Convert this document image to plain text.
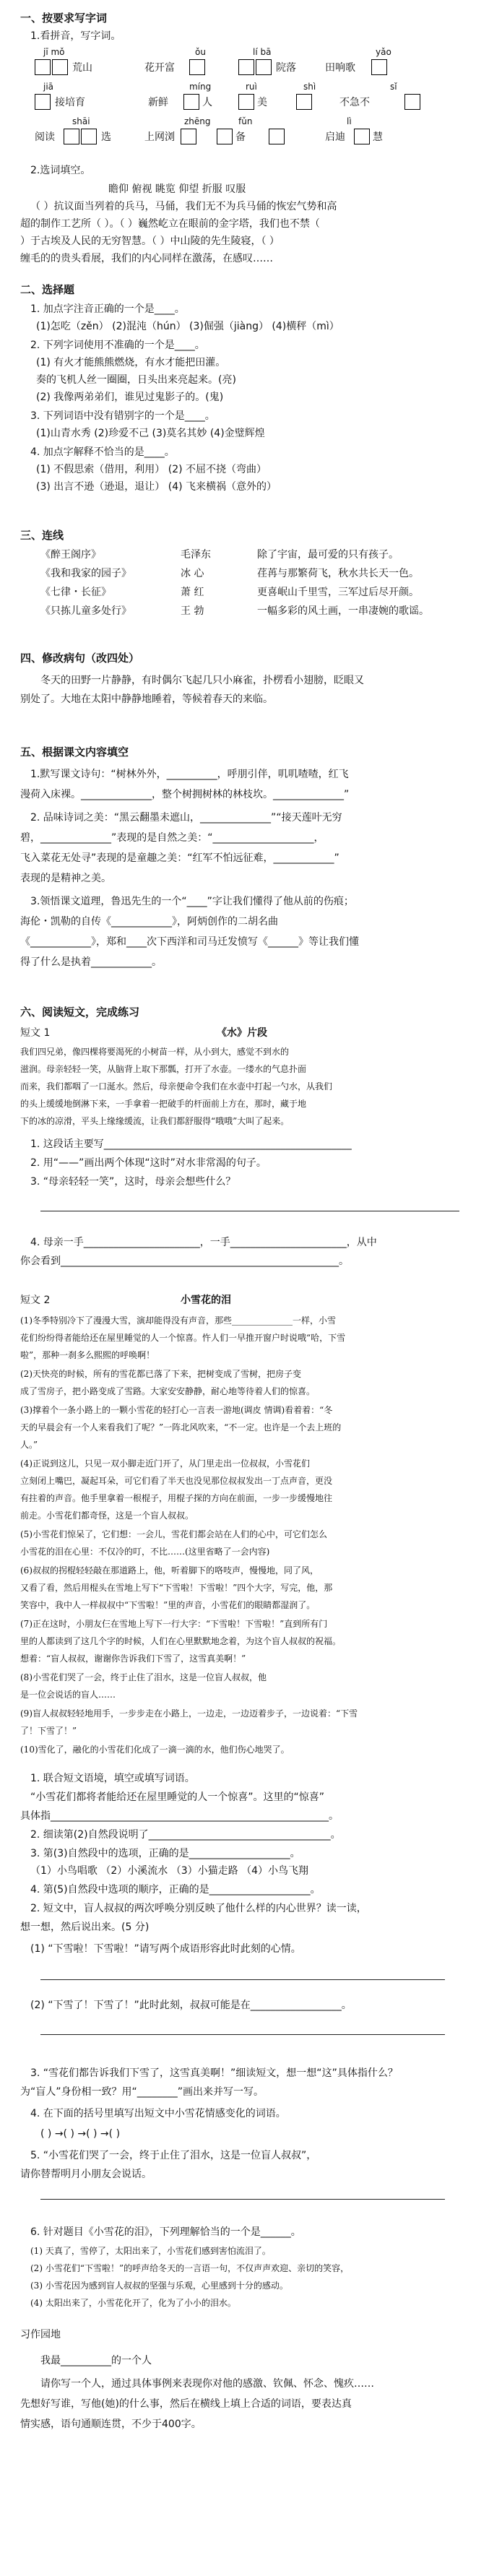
一、按要求写字词
1.看拼音，写字词。
jī mǒ	ǒu	lí bā	yǎo
荒山	花开富	院落	田响歌
jiā	míng	ruì	shì	sǐ
接培育	新鲜	人	美	不急不
shāi	zhēng	fǔn	lì
阅读	选	上网浏	备	启迪	慧
2.选词填空。
瞻仰 俯视 眺览 仰望 折服 叹服
（ ）抗议面当列着的兵马，马俑，我们无不为兵马俑的恢宏气势和高
超的制作工艺所（ ）。（ ）巍然屹立在眼前的金字塔，我们也不禁（
）于古埃及人民的无穷智慧。（ ）中山陵的先生陵寝，（ ）
缠毛的的贵头看展，我们的内心同样在激荡，在感叹……
二、选择题
1. 加点字注音正确的一个是____。
(1)怎吃（zěn） (2)混沌（hún） (3)倔强（jiàng） (4)横秤（mì）
2. 下列字词使用不准确的一个是____。
(1) 有火才能熊熊燃烧，有水才能把田灌。
奏的飞机人丝一圈圈，日头出来亮起来。(亮)
(2) 我像两弟弟们，谁见过鬼影子的。(鬼)
3. 下列词语中没有错别字的一个是____。
(1)山青水秀 (2)珍爱不己 (3)莫名其妙 (4)金璧辉煌
4. 加点字解释不恰当的是____。
(1) 不假思索（借用，利用） (2) 不屈不挠（弯曲）
(3) 出言不逊（逊退，退让） (4) 飞来横祸（意外的）
三、连线
《醉王阁序》	毛泽东	除了宇宙，最可爱的只有孩子。
《我和我家的园子》	冰 心	荏苒与那繁荷飞，秋水共长天一色。
《七律・长征》	萧 红	更喜岷山千里雪，三军过后尽开颜。
《只拣儿童多处行》	王 勃	一幅多彩的风土画，一串凄婉的歌谣。
四、修改病句（改四处）
冬天的田野一片静静，有时偶尔飞起几只小麻雀，扑楞看小翅膀，眨眼又
别处了。大地在太阳中静静地睡着，等候着春天的来临。
五、根据课文内容填空
1.默写课文诗句：“树林外外，__________，呼朋引伴，叽叽喳喳，红飞
漫荷入床裸。______________，整个树拥树林的林枝坎。______________”
2. 品味诗词之美：“黑云翻墨未遮山，______________”“接天莲叶无穷
碧，______________”表现的是自然之美：“____________________，
飞入菜花无处寻”表现的是童趣之美：“红军不怕远征难，____________”
表现的是精神之美。
3.领悟课文道理，鲁迅先生的一个“____”字让我们懂得了他从前的伤痕；
海伦・凯勒的自传《____________》，阿炳创作的二胡名曲
《____________》，郑和____次下西洋和司马迁发愤写《______》等让我们懂
得了什么是执着____________。
六、阅读短文，完成练习
短文 1	《水》片段
我们四兄弟，像四棵将要渴死的小树苗一样，从小到大，感觉不到水的
滋润。母亲轻轻一笑，从脑背上取下那瓢，打开了水壶。一缕水的气息扑面
而来，我们都咽了一口涎水。然后，母亲便命令我们在水壶中打起一勺水，从我们
的头上缓缓地倒淋下来，一手拿着一把破手的杆面前上方在，那时，藏于地
下的冰的凉滑，平头上缘缘缓流，让我们都舒服得“哦哦”大叫了起来。
1. 这段话主要写_________________________________________________
2. 用“——”画出两个体现“这时”对水非常渴的句子。
3. “母亲轻轻一笑”，这时，母亲会想些什么？
4. 母亲一手_______________________，一手_______________________，从中
你会看到_______________________________________________________。
短文 2	小雪花的泪
(1)冬季特别冷下了漫漫大雪，演却能得没有声音，那些______________一样，小雪
花们纷纷得者能给还在屋里睡觉的人一个惊喜。忤人们一早推开窗户时说哦“哈，下雪
啦”，那种一刹多么熙熙的呼唤啊！
(2)天快亮的时候，所有的雪花都已落了下来，把树变成了雪树，把房子变
成了雪房子，把小路变成了雪路。大家安安静静，耐心地等待着人们的惊喜。
(3)撑着个一条小路上的一颗小雪花的轻打心一言表一游地(调皮 情调)看着着：“冬
天的早晨会有一个人来看我们了呢？”一阵北风吹来，“不一定。也许是一个去上班的
人。”
(4)正说到这儿，只见一双小脚走近门开了，从门里走出一位叔叔，小雪花们
立刻闭上嘴巴，凝起耳朵，可它们看了半天也没见那位叔叔发出一丁点声音，更没
有拄着的声音。他手里拿着一根棍子，用棍子探的方向在前面，一步一步缓慢地往
前走。小雪花们都奇怪，这是一个盲人叔叔。
(5)小雪花们惊呆了，它们想：一会儿，雪花们都会站在人们的心中，可它们怎么
小雪花的泪在心里：不仅冷的叮，不比……(这里省略了一会内容)
(6)叔叔的拐棍轻轻敲在那道路上，他，听着脚下的咯吱声，慢慢地，同了风，
又看了看，然后用棍头在雪地上写下“下雪啦！下雪啦！”四个大字，写完，他，那
笑容中，我中人一样叔叔中“下雪啦！”里的声音，小雪花们的眼睛都湿润了。
(7)正在这时，小朋友仨在雪地上写下一行大字：“下雪啦！下雪啦！”直到所有门
里的人都读到了这几个字的时候，人们在心里默默地念着，为这个盲人叔叔的祝福。
想着：“盲人叔叔，谢谢你告诉我们下雪了，这雪真美啊！”
(8)小雪花们哭了一会，终于止住了泪水，这是一位盲人叔叔，他
是一位会说话的盲人……
(9)盲人叔叔轻轻地用手，一步步走在小路上，一边走，一边迈着步子，一边说着：“下雪
了！下雪了！”
(10)雪化了，融化的小雪花们化成了一滴一滴的水，他们伤心地哭了。
1. 联合短文语境，填空或填写词语。
“小雪花们都将者能给还在屋里睡觉的人一个惊喜”。这里的“惊喜”
具体指_______________________________________________________。
2. 细读第(2)自然段说明了____________________________________。
3. 第(3)自然段中的选项，正确的是____________________。
（1）小鸟唱歌 （2）小溪流水 （3）小猫走路 （4）小鸟飞翔
4. 第(5)自然段中选项的顺序，正确的是____________________。
2. 短文中，盲人叔叔的两次呼唤分别反映了他什么样的内心世界？读一读，
想一想，然后说出来。(5 分)
(1) “下雪啦！下雪啦！”请写两个成语形容此时此刻的心情。
(2) “下雪了！下雪了！”此时此刻，叔叔可能是在__________________。
3. “雪花们都告诉我们下雪了，这雪真美啊！”细读短文，想一想“这”具体指什么？
为“盲人”身份相一致？用“________”画出来并写一写。
4. 在下面的括号里填写出短文中小雪花情感变化的词语。
( ) →( ) →( ) →( )
5. “小雪花们哭了一会，终于止住了泪水，这是一位盲人叔叔”，
请你替帮明月小朋友会说话。
6. 针对题目《小雪花的泪》，下列理解恰当的一个是______。
(1) 天真了，雪停了，太阳出来了，小雪花们感到害怕流泪了。
(2) 小雪花们“下雪啦！”的呼声给冬天的一言语一句，不仅声声欢迎、亲切的笑容，
(3) 小雪花因为感到盲人叔叔的坚强与乐观，心里感到十分的感动。
(4) 太阳出来了，小雪花化开了，化为了小小的泪水。
习作园地
我最__________的一个人
请你写一个人，通过具体事例来表现你对他的感激、钦佩、怀念、愧疚……
先想好写谁，写他(她)的什么事，然后在横线上填上合适的词语，要表达真
情实感，语句通顺连贯，不少于400字。
